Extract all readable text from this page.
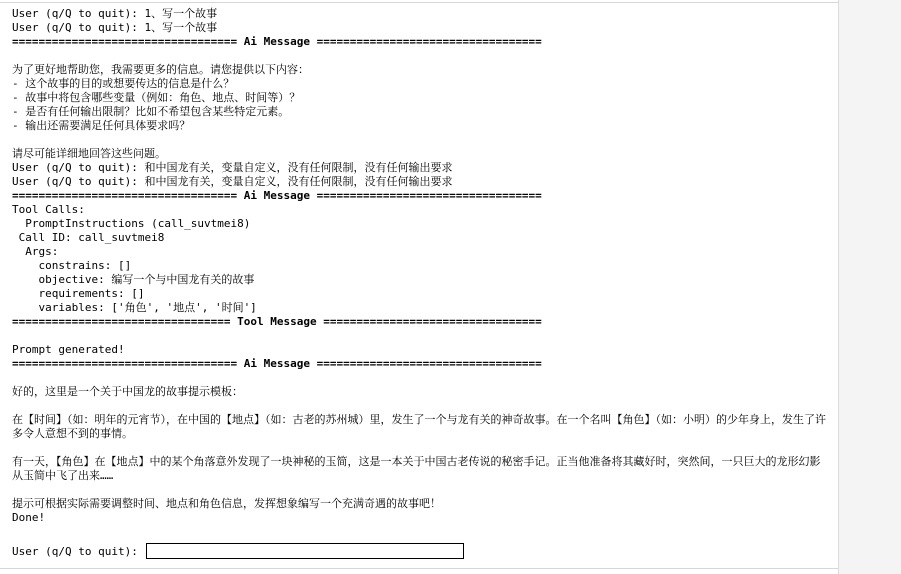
User (q/Q to quit): 1、写一个故事
User (q/Q to quit): 1、写一个故事
================================== Ai Message ==================================
为了更好地帮助您，我需要更多的信息。请您提供以下内容：
- 这个故事的目的或想要传达的信息是什么？
- 故事中将包含哪些变量（例如：角色、地点、时间等）？
- 是否有任何输出限制？比如不希望包含某些特定元素。
- 输出还需要满足任何具体要求吗？
请尽可能详细地回答这些问题。
User (q/Q to quit): 和中国龙有关，变量自定义，没有任何限制，没有任何输出要求
User (q/Q to quit): 和中国龙有关，变量自定义，没有任何限制，没有任何输出要求
================================== Ai Message ==================================
Tool Calls:
PromptInstructions (call_suvtmei8)
Call ID: call_suvtmei8
Args:
constrains: []
objective: 编写一个与中国龙有关的故事
requirements: []
variables: ['角色', '地点', '时间']
================================= Tool Message =================================
Prompt generated!
================================== Ai Message ==================================
好的，这里是一个关于中国龙的故事提示模板：
在【时间】（如：明年的元宵节），在中国的【地点】（如：古老的苏州城）里，发生了一个与龙有关的神奇故事。在一个名叫【角色】（如：小明）的少年身上，发生了许多令人意想不到的事情。
有一天，【角色】在【地点】中的某个角落意外发现了一块神秘的玉简，这是一本关于中国古老传说的秘密手记。正当他准备将其藏好时，突然间，一只巨大的龙形幻影从玉简中飞了出来……
提示可根据实际需要调整时间、地点和角色信息，发挥想象编写一个充满奇遇的故事吧！
Done!
User (q/Q to quit):
